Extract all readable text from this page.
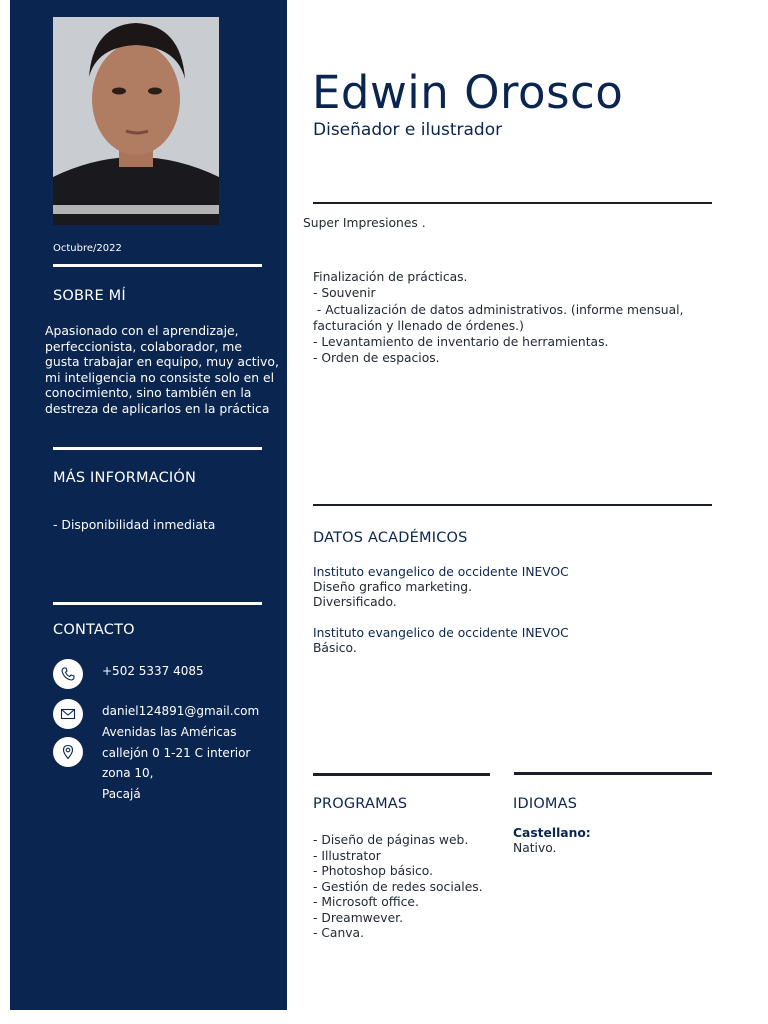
Octubre/2022
SOBRE MÍ
Apasionado con el aprendizaje,
perfeccionista, colaborador, me
gusta trabajar en equipo, muy activo,
mi inteligencia no consiste solo en el
conocimiento, sino también en la
destreza de aplicarlos en la práctica
MÁS INFORMACIÓN
- Disponibilidad inmediata
CONTACTO
+502 5337 4085
daniel124891@gmail.com
Avenidas las Américas
callejón 0 1-21 C interior
zona 10,
Pacajá
Edwin Orosco
Diseñador e ilustrador
Super Impresiones .
Finalización de prácticas.
- Souvenir
- Actualización de datos administrativos. (informe mensual,
facturación y llenado de órdenes.)
- Levantamiento de inventario de herramientas.
- Orden de espacios.
DATOS ACADÉMICOS
Instituto evangelico de occidente INEVOC
Diseño grafico marketing.
Diversificado.
Instituto evangelico de occidente INEVOC
Básico.
PROGRAMAS	IDIOMAS
- Diseño de páginas web.
- Illustrator
- Photoshop básico.
- Gestión de redes sociales.
- Microsoft office.
- Dreamwever.
- Canva.
Castellano:
Nativo.
